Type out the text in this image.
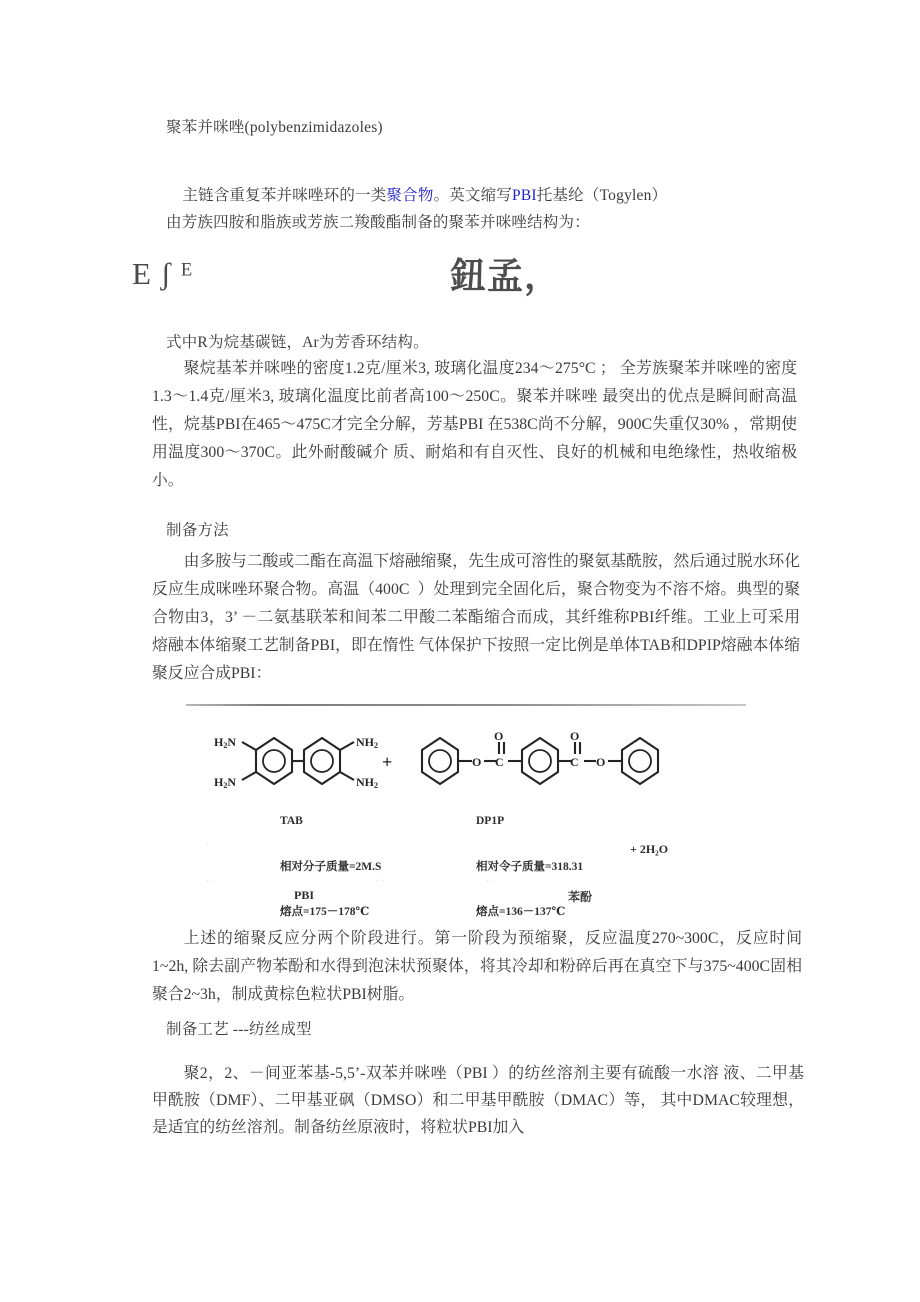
聚苯并咪唑(polybenzimidazoles)

主链含重复苯并咪唑环的一类聚合物。英文缩写PBI托基纶（Togylen）

由芳族四胺和脂族或芳族二羧酸酯制备的聚苯并咪唑结构为：
E ʃ ᴱ	鈕孟，
式中R为烷基碳链，Ar为芳香环结构。
聚烷基苯并咪唑的密度1.2克/厘米3, 玻璃化温度234～275°C ； 全芳族聚苯并咪唑的密度1.3～1.4克/厘米3, 玻璃化温度比前者高100～250C。聚苯并咪唑 最突出的优点是瞬间耐高温性，烷基PBI在465～475C才完全分解，芳基PBI 在538C尚不分解，900C失重仅30% ，常期使用温度300～370C。此外耐酸碱介 质、耐焰和有自灭性、良好的机械和电绝缘性，热收缩极小。
制备方法
由多胺与二酸或二酯在高温下熔融缩聚，先生成可溶性的聚氨基酰胺，然后通过脱水环化反应生成咪唑环聚合物。高温（400C  ）处理到完全固化后，聚合物变为不溶不熔。典型的聚合物由3，3’ －二氨基联苯和间苯二甲酸二苯酯缩合而成，其纤维称PBI纤维。工业上可采用熔融本体缩聚工艺制备PBI，即在惰性 气体保护下按照一定比例是单体TAB和DPIP熔融本体缩聚反应合成PBI：
H2N
H2N
NH2
NH2
+	O C
O
C
O
O

TAB

相对分子质量=2M.S

熔点=175－178℃

DP1P

相对令子质量=318.31

熔点=136－137℃

·
··	··	··
+ 2H₂O
PBI	苯酚
上述的缩聚反应分两个阶段进行。第一阶段为预缩聚，反应温度270~300C，反应时间1~2h, 除去副产物苯酚和水得到泡沫状预聚体，将其冷却和粉碎后再在真空下与375~400C固相聚合2~3h，制成黄棕色粒状PBI树脂。
制备工艺 ---纺丝成型
聚2，2、－间亚苯基-5,5’-双苯并咪唑（PBI ）的纺丝溶剂主要有硫酸一水溶 液、二甲基甲酰胺（DMF）、二甲基亚砜（DMSO）和二甲基甲酰胺（DMAC）等， 其中DMAC较理想，是适宜的纺丝溶剂。制备纺丝原液时，将粒状PBI加入
